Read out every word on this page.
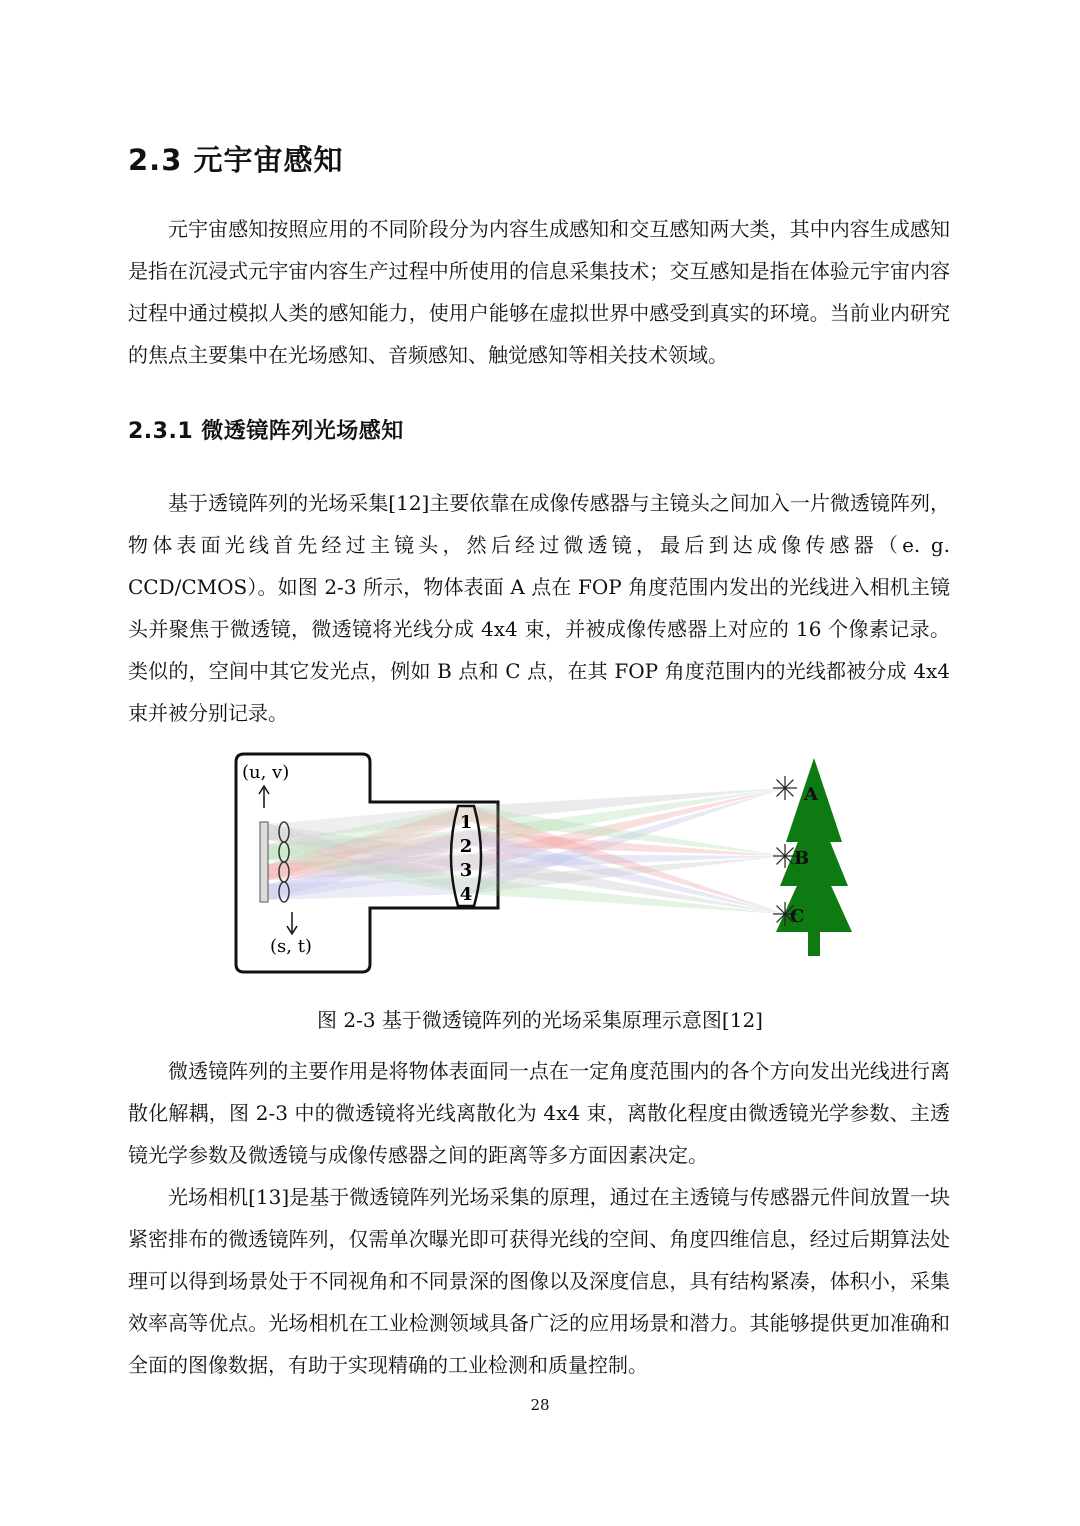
2.3 元宇宙感知

元宇宙感知按照应用的不同阶段分为内容生成感知和交互感知两大类，其中内容生成感知是指在沉浸式元宇宙内容生产过程中所使用的信息采集技术；交互感知是指在体验元宇宙内容过程中通过模拟人类的感知能力，使用户能够在虚拟世界中感受到真实的环境。当前业内研究的焦点主要集中在光场感知、音频感知、触觉感知等相关技术领域。

2.3.1 微透镜阵列光场感知

基于透镜阵列的光场采集[12]主要依靠在成像传感器与主镜头之间加入一片微透镜阵列，物体表面光线首先经过主镜头，然后经过微透镜，最后到达成像传感器（e. g. CCD/CMOS）。如图 2-3 所示，物体表面 A 点在 FOP 角度范围内发出的光线进入相机主镜头并聚焦于微透镜，微透镜将光线分成 4x4 束，并被成像传感器上对应的 16 个像素记录。类似的，空间中其它发光点，例如 B 点和 C 点，在其 FOP 角度范围内的光线都被分成 4x4 束并被分别记录。

1
2
3
4
(u, v)
(s, t)
A
B
C
图 2-3 基于微透镜阵列的光场采集原理示意图[12]

微透镜阵列的主要作用是将物体表面同一点在一定角度范围内的各个方向发出光线进行离散化解耦，图 2-3 中的微透镜将光线离散化为 4x4 束，离散化程度由微透镜光学参数、主透镜光学参数及微透镜与成像传感器之间的距离等多方面因素决定。

光场相机[13]是基于微透镜阵列光场采集的原理，通过在主透镜与传感器元件间放置一块紧密排布的微透镜阵列，仅需单次曝光即可获得光线的空间、角度四维信息，经过后期算法处理可以得到场景处于不同视角和不同景深的图像以及深度信息，具有结构紧凑，体积小，采集效率高等优点。光场相机在工业检测领域具备广泛的应用场景和潜力。其能够提供更加准确和全面的图像数据，有助于实现精确的工业检测和质量控制。

28
